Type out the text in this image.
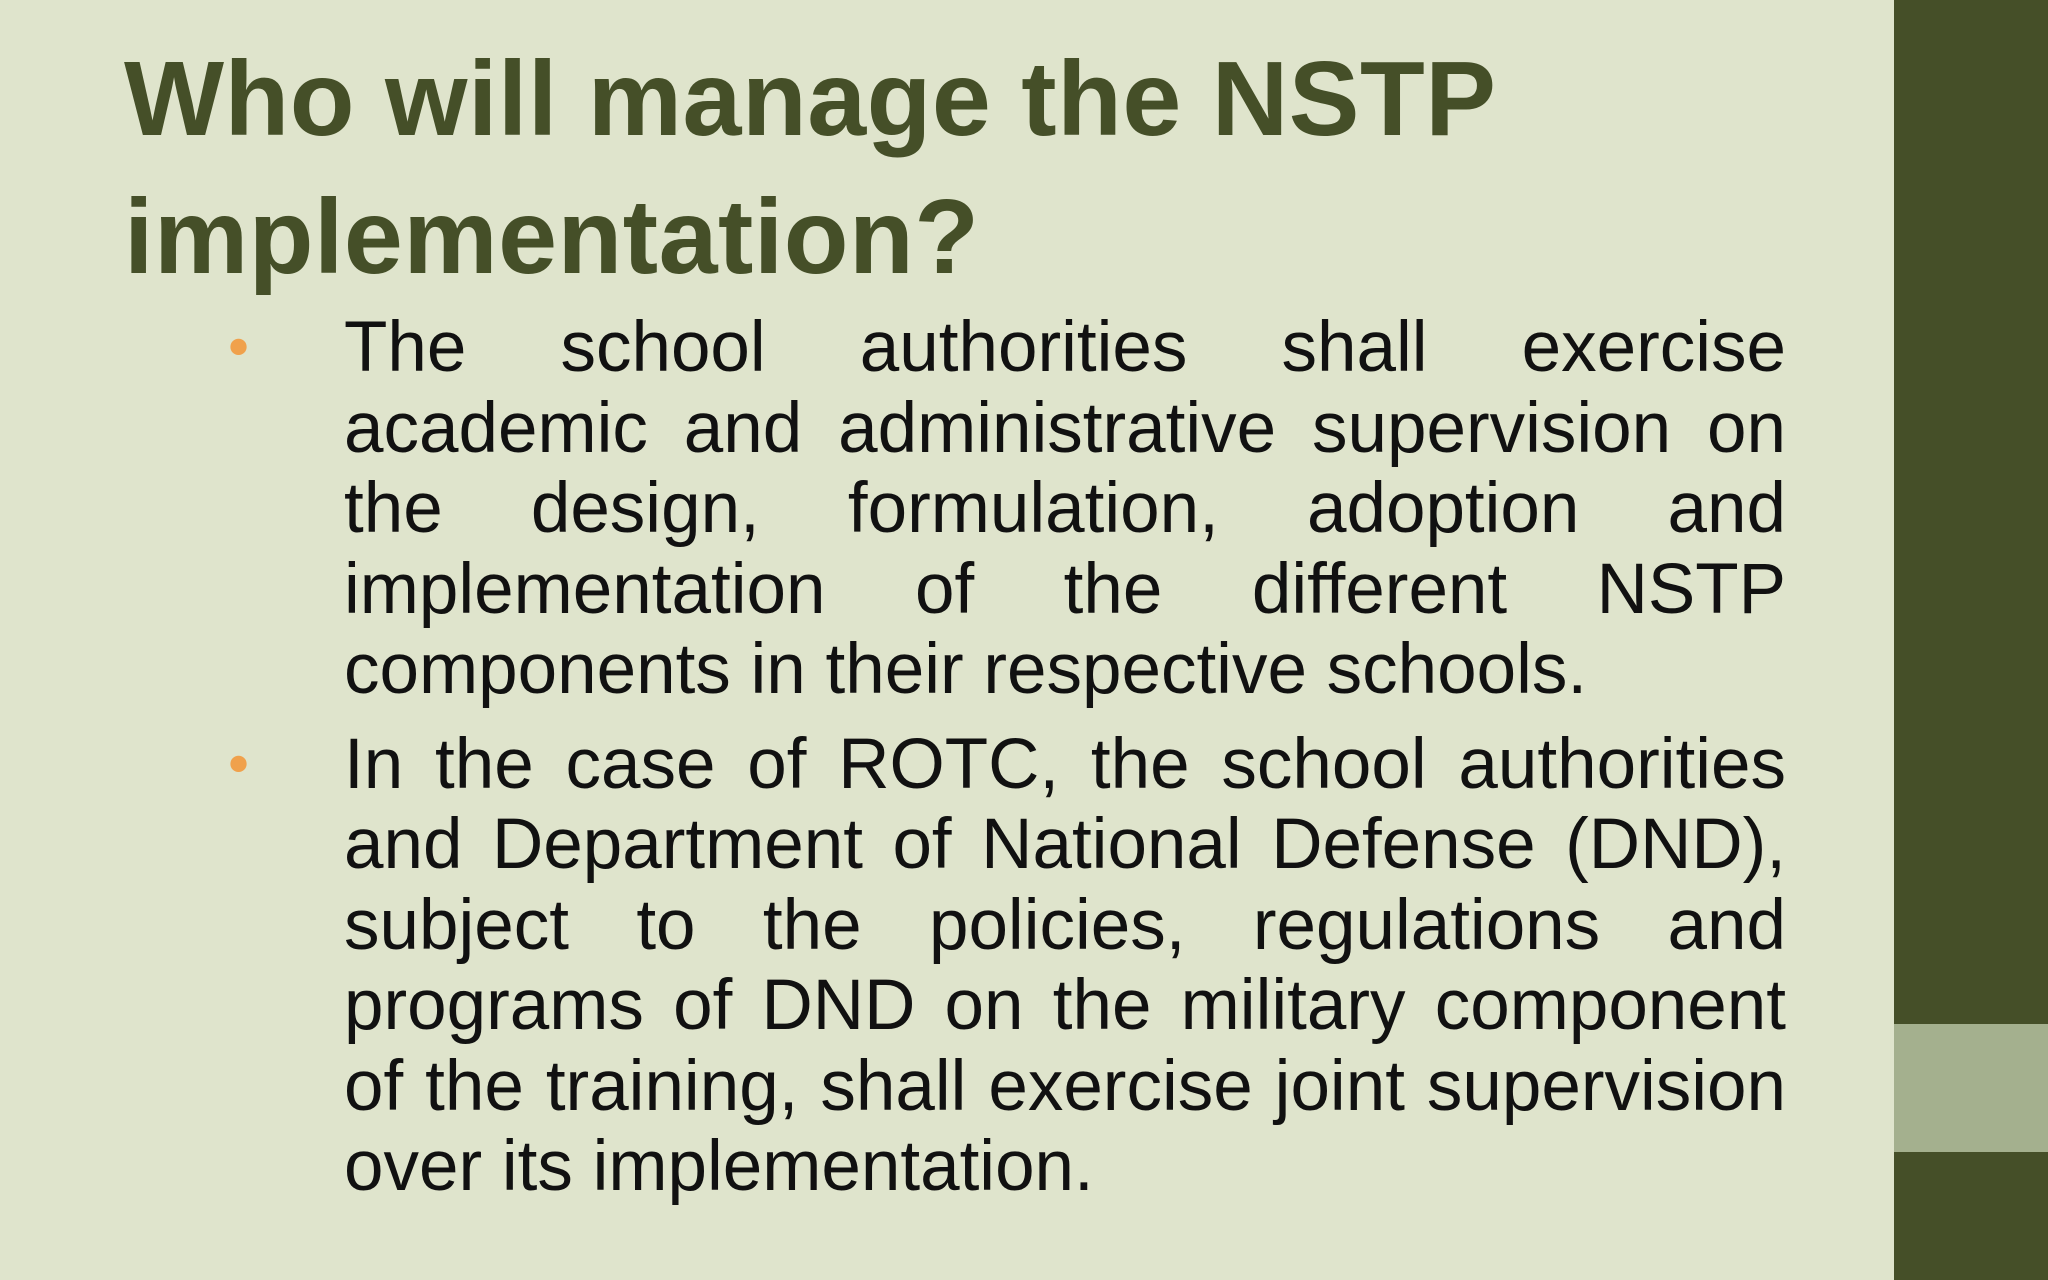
Who will manage the NSTP implementation?
• The school authorities shall exercise academic and administrative supervision on the design, formulation, adoption and implementation of the different NSTP components in their respective schools.
• In the case of ROTC, the school authorities and Department of National Defense (DND), subject to the policies, regulations and programs of DND on the military component of the training, shall exercise joint supervision over its implementation.
